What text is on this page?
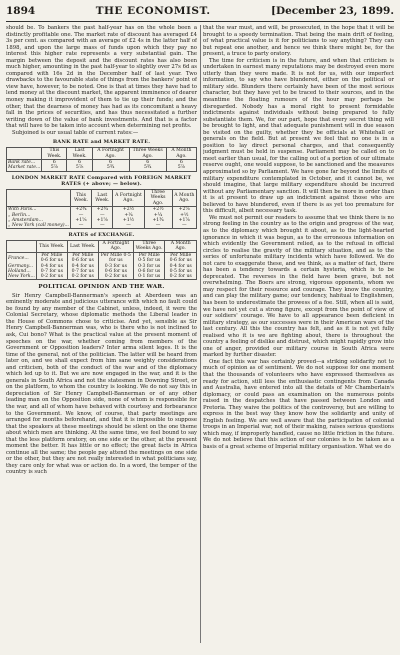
1894	THE ECONOMIST.	[December 23, 1899.

should be. To bankers the past half-year has on the whole been a distinctly profitable one. The market rate of discount has averaged £4 3s per cent. as compared with an average of £2 4s in the latter half of 1898, and upon the large mass of funds upon which they pay no interest this higher rate represents a very substantial gain. The margin between the deposit and the discount rates has also been much higher, amounting in the past half-year to slightly over 27s 6d as compared with 16s 2d in the December half of last year. Two drawbacks to the favourable state of things from the bankers' point of view have, however, to be noted. One is that at times they have had to lend money at the discount market, the apparent imminence of dearer money making it improvident of them to tie up their funds; and the other, that the dearness of money has had as its concomitant a heavy fall in the prices of securities, and has thus necessitated a further writing down of the value of bank investments. And that is a factor that will have to be taken into account when determining net profits.

Subjoined is our usual table of current rates:—

BANK RATE and MARKET RATE.
	This Week.	Last Week.	A Fortnight Ago.	Three Weeks Ago.	A Month Ago.
Bank rate...	6	6	6	6	6
Market rate...	5⅞	5⅞	5¾	5¾	5⅞
LONDON MARKET RATE Compared with FOREIGN MARKET RATES (+ above; — below).
	This Week.	Last Week.	A Fortnight Ago.	Three Weeks Ago.	A Month Ago.
With Paris...	+2¾	+2¾	+2½	+2½	+2⅝
„ Berlin...	—	—	+¼	+¼	+½
„ Amsterdam...	+1⅝	+1⅝	+1½	+1¾	+1⅞
„ New York (call money)...	—	—	—	—	—
RATES of EXCHANGE.
	This Week.	Last Week.	A Fortnight Ago.	Three Weeks Ago.	A Month Ago.
France...	Per Mille 0·6 for us	Per Mille 0·6 for us	Per Mille 0·5 for us	Per Mille 0·5 for us	Per Mille 0·6 for us
Germany...	0·4 for us	0·4 for us	0·3 for us	0·3 for us	0·4 for us
Holland...	0·7 for us	0·7 for us	0·6 for us	0·6 for us	0·5 for us
New York...	0·2 for us	0·2 for us	0·2 for us	0·1 for us	0·2 for us
POLITICAL OPINION AND THE WAR.

Sir Henry Campbell-Bannerman's speech at Aberdeen was an eminently moderate and judicious utterance with which no fault could be found by any member of the Cabinet, unless, indeed, it were the Colonial Secretary, whose diplomatic methods the Liberal leader in the House of Commons chose to criticise. And yet, sensible as Sir Henry Campbell-Bannerman was, who is there who is not inclined to ask, Cui bono? What is the practical value at the present moment of speeches on the war, whether coming from members of the Government or Opposition leaders? Inter arma silent leges. It is the time of the general, not of the politician. The latter will be heard from later on, and we shall expect from him sane weighty considerations and criticism, both of the conduct of the war and of the diplomacy which led up to it. But we are now engaged in the war, and it is the generals in South Africa and not the statesmen in Downing Street, or on the platform, to whom the country is looking. We do not say this in depreciation of Sir Henry Campbell-Bannerman or of any other leading man on the Opposition side, none of whom is responsible for the war, and all of whom have behaved with courtesy and forbearance to the Government. We know, of course, that party meetings are arranged for months beforehand, and that it is impossible to suppose that the speakers at these meetings should be silent on the one theme about which men are thinking. At the same time, we feel bound to say that the less platform oratory, on one side or the other, at the present moment the better. It has little or no effect; the great facts in Africa continue all the same; the people pay attend the meetings on one side or the other, but they are not really interested in what politicians say, they care only for what was or action do. In a word, the temper of the country is such

that the war must, and will, be prosecuted, in the hope that it will be brought to a speedy termination. That being the main drift of feeling, of what practical value is it for politicians to say anything? They can but repeat one another, and hence we think there might be, for the present, a truce to party oratory.

The time for criticism is in the future, and when that criticism is undertaken in earnest many reputations may be destroyed even more utterly than they were made. It is not for us, with our imperfect information, to say who have blundered, either on the political or military side. Blunders there certainly have been of the most serious character, but they have yet to be traced to their sources, and in the meantime the floating rumours of the hour may perhaps be disregarded. Nobody has a moral right to present formidable indictments against individuals without being prepared to fully substantiate them. We, for our part, hope that every secret thing will be brought to light, and that adequate punishment will in due season be visited on the guilty, whether they be officials at Whitehall or generals on the field. But at present we feel that no one is in a position to lay direct personal charges, and that consequently judgment must be held in suspense. Parliament may be called on to meet earlier than usual, for the calling out of a portion of our ultimate reserve ought, one would suppose, to be sanctioned and the measures approximated so by Parliament. We have gone far beyond the limits of military expenditure contemplated in October, and it cannot be, we should imagine, that large military expenditure should be incurred without any Parliamentary sanction. It will then be more in order than it is at present to draw up an indictment against those who are believed to have blundered, even if there is as yet too premature for this difficult, albeit necessary task.

We must not permit our readers to assume that we think there is no strong feeling in the country as to the origin and progress of the war, as to the diplomacy which brought it about, as to the light-hearted ignorance in which it was begun, as to the erroneous information on which evidently the Government relied, as to the refusal in official circles to realise the gravity of the military situation, and as to the series of unfortunate military incidents which have followed. We do not care to exaggerate these, and we think, as a matter of fact, there has been a tendency towards a certain hysteria, which is to be deprecated. The reverses in the field have been grave, but not overwhelming. The Boers are strong, vigorous opponents, whom we may respect for their resource and courage. They know the country, and can play the military game; our tendency, habitual to Englishmen, has been to underestimate the prowess of a foe. Still, when all is said, we have not yet cut a strong figure, except from the point of view of our soldiers' courage. We have to all appearance been deficient in military strategy, as our successes were in their American wars of the last century. All this the country has felt, and as it is not yet fully realised who it is we are fighting about, there is throughout the country a feeling of dislike and distrust, which might rapidly grow into one of anger, provided our military course in South Africa were marked by further disaster.

One fact this war has certainly proved—a striking solidarity not to much of opinion as of sentiment. We do not suppose for one moment that the thousands of volunteers who have expressed themselves as ready for action, still less the enthusiastic contingents from Canada and Australia, have entered into all the details of Mr Chamberlain's diplomacy, or could pass an examination on the numerous points raised in the despatches that have passed between London and Pretoria. They waive the politics of the controversy, but are willing to express in the best way they know how the solidarity and unity of English feeling. We are well aware that the participation of colonial troops in an Imperial war, not of their making, raises serious questions which may, if improperly handled, cause no little friction in the future. We do not believe that this action of our colonies is to be taken as a basis of a great scheme of Imperial military organisation. What we do
